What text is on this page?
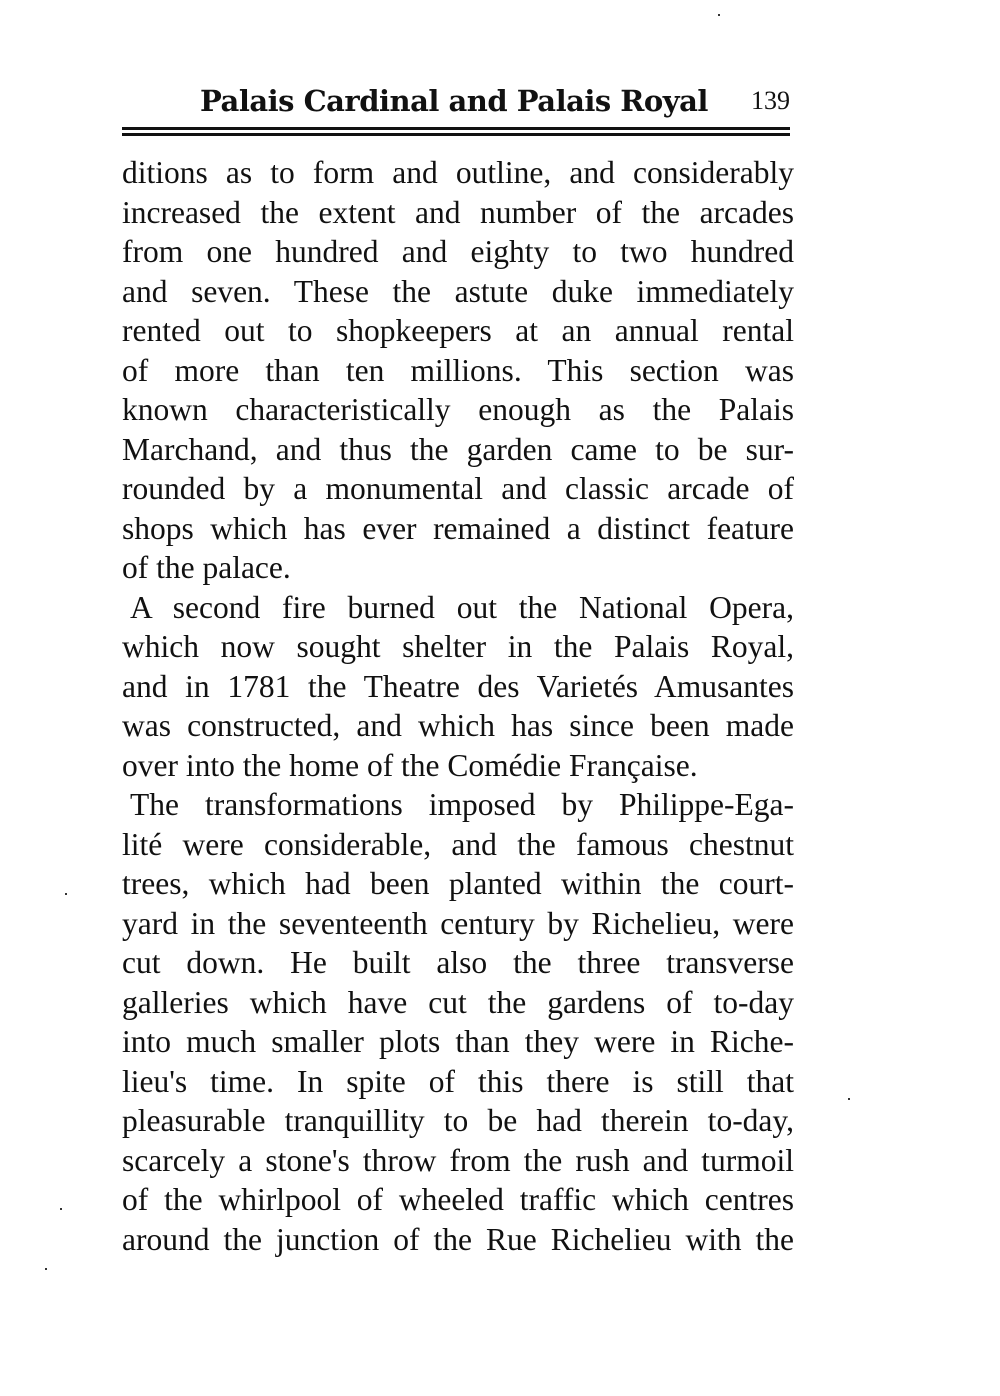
Palais Cardinal and Palais Royal 139
ditions as to form and outline, and considerably
increased the extent and number of the arcades
from one hundred and eighty to two hundred
and seven. These the astute duke immediately
rented out to shopkeepers at an annual rental
of more than ten millions. This section was
known characteristically enough as the Palais
Marchand, and thus the garden came to be sur-
rounded by a monumental and classic arcade of
shops which has ever remained a distinct feature
of the palace.
A second fire burned out the National Opera,
which now sought shelter in the Palais Royal,
and in 1781 the Theatre des Varietés Amusantes
was constructed, and which has since been made
over into the home of the Comédie Française.
The transformations imposed by Philippe-Ega-
lité were considerable, and the famous chestnut
trees, which had been planted within the court-
yard in the seventeenth century by Richelieu, were
cut down. He built also the three transverse
galleries which have cut the gardens of to-day
into much smaller plots than they were in Riche-
lieu's time. In spite of this there is still that
pleasurable tranquillity to be had therein to-day,
scarcely a stone's throw from the rush and turmoil
of the whirlpool of wheeled traffic which centres
around the junction of the Rue Richelieu with the
